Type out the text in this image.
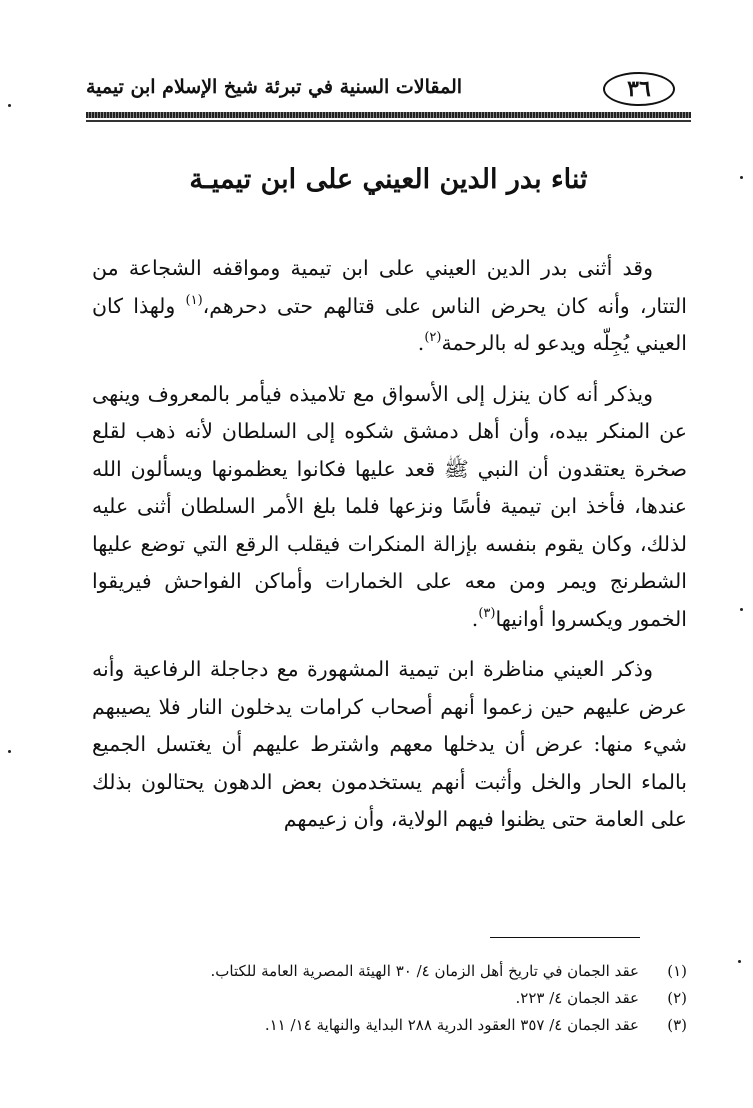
٣٦
المقالات السنية في تبرئة شيخ الإسلام ابن تيمية
ثناء بدر الدين العيني على ابن تيميـة

وقد أثنى بدر الدين العيني على ابن تيمية ومواقفه الشجاعة من التتار، وأنه كان يحرض الناس على قتالهم حتى دحرهم،$^{(١)}$ ولهذا كان العيني يُجِلّه ويدعو له بالرحمة$^{(٢)}$.

ويذكر أنه كان ينزل إلى الأسواق مع تلاميذه فيأمر بالمعروف وينهى عن المنكر بيده، وأن أهل دمشق شكوه إلى السلطان لأنه ذهب لقلع صخرة يعتقدون أن النبي ﷺ قعد عليها فكانوا يعظمونها ويسألون الله عندها، فأخذ ابن تيمية فأسًا ونزعها فلما بلغ الأمر السلطان أثنى عليه لذلك، وكان يقوم بنفسه بإزالة المنكرات فيقلب الرقع التي توضع عليها الشطرنج ويمر ومن معه على الخمارات وأماكن الفواحش فيريقوا الخمور ويكسروا أوانيها$^{(٣)}$.

وذكر العيني مناظرة ابن تيمية المشهورة مع دجاجلة الرفاعية وأنه عرض عليهم حين زعموا أنهم أصحاب كرامات يدخلون النار فلا يصيبهم شيء منها: عرض أن يدخلها معهم واشترط عليهم أن يغتسل الجميع بالماء الحار والخل وأثبت أنهم يستخدمون بعض الدهون يحتالون بذلك على العامة حتى يظنوا فيهم الولاية، وأن زعيمهم

(١)
عقد الجمان في تاريخ أهل الزمان ٤/ ٣٠ الهيئة المصرية العامة للكتاب.
(٢)
عقد الجمان ٤/ ٢٢٣.
(٣)
عقد الجمان ٤/ ٣٥٧ العقود الدرية ٢٨٨ البداية والنهاية ١٤/ ١١.
